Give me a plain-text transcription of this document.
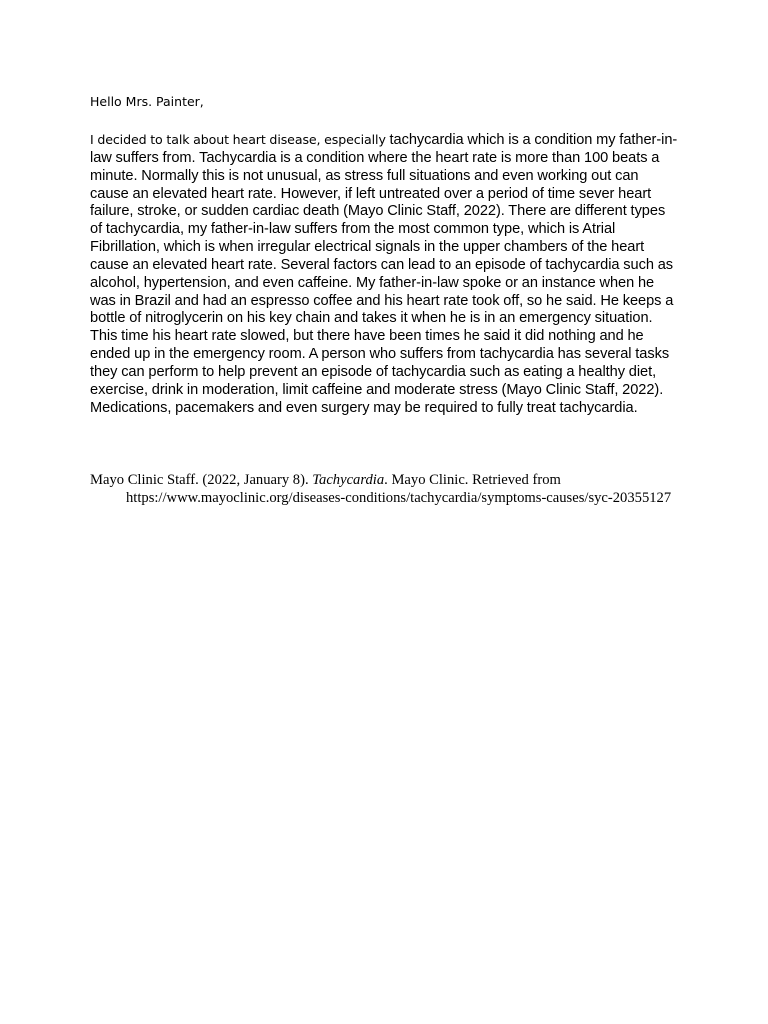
Hello Mrs. Painter,

I decided to talk about heart disease, especially tachycardia which is a condition my father-in-law suffers from. Tachycardia is a condition where the heart rate is more than 100 beats a minute. Normally this is not unusual, as stress full situations and even working out can cause an elevated heart rate. However, if left untreated over a period of time sever heart failure, stroke, or sudden cardiac death (Mayo Clinic Staff, 2022). There are different types of tachycardia, my father-in-law suffers from the most common type, which is Atrial Fibrillation, which is when irregular electrical signals in the upper chambers of the heart cause an elevated heart rate. Several factors can lead to an episode of tachycardia such as alcohol, hypertension, and even caffeine. My father-in-law spoke or an instance when he was in Brazil and had an espresso coffee and his heart rate took off, so he said. He keeps a bottle of nitroglycerin on his key chain and takes it when he is in an emergency situation. This time his heart rate slowed, but there have been times he said it did nothing and he ended up in the emergency room. A person who suffers from tachycardia has several tasks they can perform to help prevent an episode of tachycardia such as eating a healthy diet, exercise, drink in moderation, limit caffeine and moderate stress (Mayo Clinic Staff, 2022). Medications, pacemakers and even surgery may be required to fully treat tachycardia.

Mayo Clinic Staff. (2022, January 8). Tachycardia. Mayo Clinic. Retrieved from https://www.mayoclinic.org/diseases-conditions/tachycardia/symptoms-causes/syc-20355127
